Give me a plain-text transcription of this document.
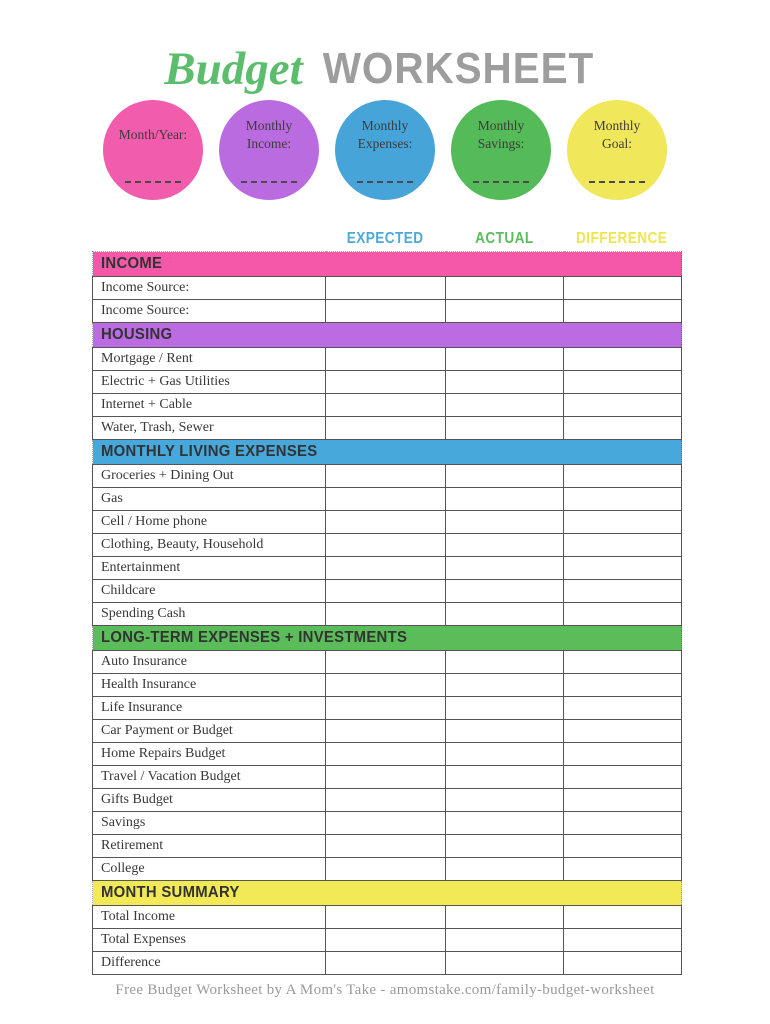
Budget WORKSHEET
Month/Year:
Monthly Income:
Monthly Expenses:
Monthly Savings:
Monthly Goal:
EXPECTED	ACTUAL	DIFFERENCE
INCOME			
Income Source:			
Income Source:			
HOUSING			
Mortgage / Rent			
Electric + Gas Utilities			
Internet + Cable			
Water, Trash, Sewer			
MONTHLY LIVING EXPENSES			
Groceries + Dining Out			
Gas			
Cell / Home phone			
Clothing, Beauty, Household			
Entertainment			
Childcare			
Spending Cash			
LONG-TERM EXPENSES + INVESTMENTS			
Auto Insurance			
Health Insurance			
Life Insurance			
Car Payment or Budget			
Home Repairs Budget			
Travel / Vacation Budget			
Gifts Budget			
Savings			
Retirement			
College			
MONTH SUMMARY			
Total Income			
Total Expenses			
Difference			
Free Budget Worksheet by A Mom's Take - amomstake.com/family-budget-worksheet
